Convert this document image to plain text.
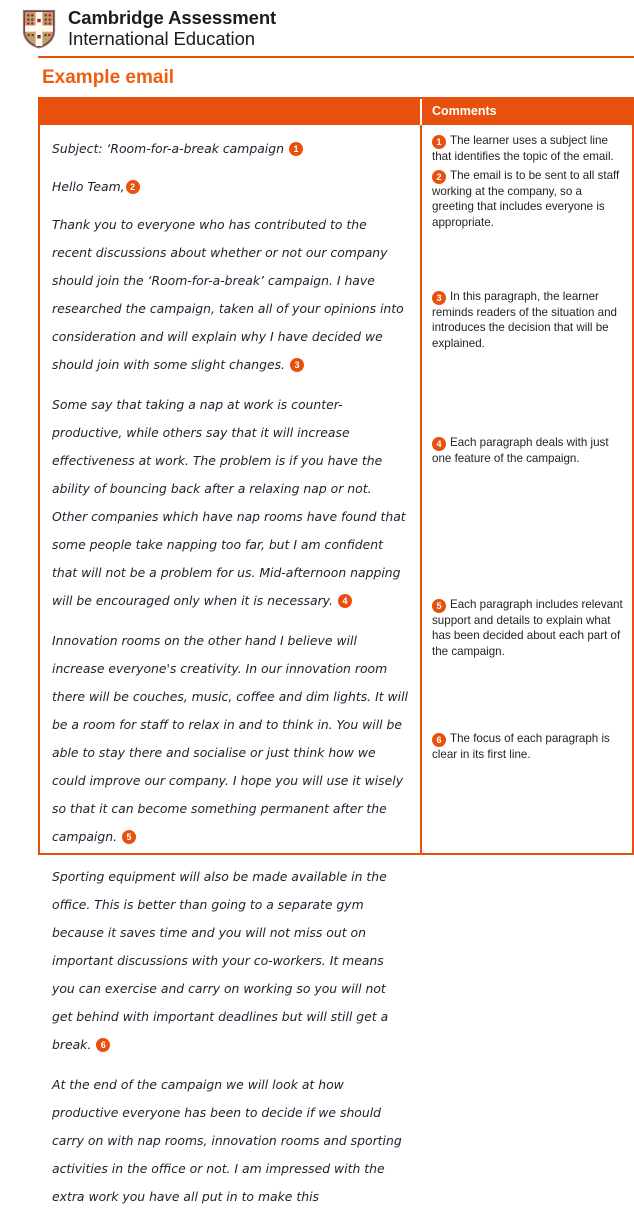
Cambridge Assessment
International Education
Example email
Comments

Subject: ‘Room-for-a-break campaign 1

Hello Team, 2

Thank you to everyone who has contributed to the recent discussions about whether or not our company should join the ‘Room-for-a-break’ campaign. I have researched the campaign, taken all of your opinions into consideration and will explain why I have decided we should join with some slight changes. 3

Some say that taking a nap at work is counter-productive, while others say that it will increase effectiveness at work. The problem is if you have the ability of bouncing back after a relaxing nap or not. Other companies which have nap rooms have found that some people take napping too far, but I am confident that will not be a problem for us. Mid-afternoon napping will be encouraged only when it is necessary. 4

Innovation rooms on the other hand I believe will increase everyone's creativity. In our innovation room there will be couches, music, coffee and dim lights. It will be a room for staff to relax in and to think in. You will be able to stay there and socialise or just think how we could improve our company. I hope you will use it wisely so that it can become something permanent after the campaign. 5

Sporting equipment will also be made available in the office. This is better than going to a separate gym because it saves time and you will not miss out on important discussions with your co-workers. It means you can exercise and carry on working so you will not get behind with important deadlines but will still get a break. 6

At the end of the campaign we will look at how productive everyone has been to decide if we should carry on with nap rooms, innovation rooms and sporting activities in the office or not. I am impressed with the extra work you have all put in to make this

1 The learner uses a subject line that identifies the topic of the email.
2 The email is to be sent to all staff working at the company, so a greeting that includes everyone is appropriate.
3 In this paragraph, the learner reminds readers of the situation and introduces the decision that will be explained.
4 Each paragraph deals with just one feature of the campaign.
5 Each paragraph includes relevant support and details to explain what has been decided about each part of the campaign.
6 The focus of each paragraph is clear in its first line.
